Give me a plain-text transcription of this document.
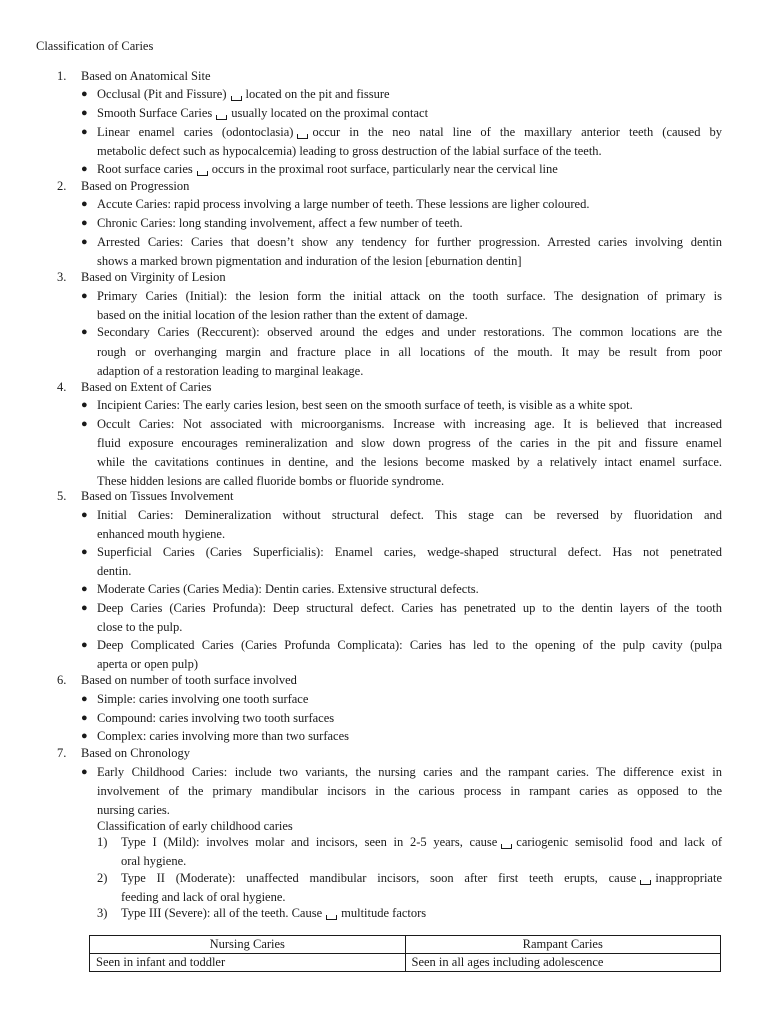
Classification of Caries
1. Based on Anatomical Site
● Occlusal (Pit and Fissure) located on the pit and fissure
● Smooth Surface Caries usually located on the proximal contact
● Linear enamel caries (odontoclasia) occur in the neo natal line of the maxillary anterior teeth (caused by
metabolic defect such as hypocalcemia) leading to gross destruction of the labial surface of the teeth.
● Root surface caries occurs in the proximal root surface, particularly near the cervical line
2. Based on Progression
● Accute Caries: rapid process involving a large number of teeth. These lessions are ligher coloured.
● Chronic Caries: long standing involvement, affect a few number of teeth.
● Arrested Caries: Caries that doesn’t show any tendency for further progression. Arrested caries involving dentin
shows a marked brown pigmentation and induration of the lesion [eburnation dentin]
3. Based on Virginity of Lesion
● Primary Caries (Initial): the lesion form the initial attack on the tooth surface. The designation of primary is
based on the initial location of the lesion rather than the extent of damage.
● Secondary Caries (Reccurent): observed around the edges and under restorations. The common locations are the
rough or overhanging margin and fracture place in all locations of the mouth. It may be result from poor
adaption of a restoration leading to marginal leakage.
4. Based on Extent of Caries
● Incipient Caries: The early caries lesion, best seen on the smooth surface of teeth, is visible as a white spot.
● Occult Caries: Not associated with microorganisms. Increase with increasing age. It is believed that increased
fluid exposure encourages remineralization and slow down progress of the caries in the pit and fissure enamel
while the cavitations continues in dentine, and the lesions become masked by a relatively intact enamel surface.
These hidden lesions are called fluoride bombs or fluoride syndrome.
5. Based on Tissues Involvement
● Initial Caries: Demineralization without structural defect. This stage can be reversed by fluoridation and
enhanced mouth hygiene.
● Superficial Caries (Caries Superficialis): Enamel caries, wedge-shaped structural defect. Has not penetrated
dentin.
● Moderate Caries (Caries Media): Dentin caries. Extensive structural defects.
● Deep Caries (Caries Profunda): Deep structural defect. Caries has penetrated up to the dentin layers of the tooth
close to the pulp.
● Deep Complicated Caries (Caries Profunda Complicata): Caries has led to the opening of the pulp cavity (pulpa
aperta or open pulp)
6. Based on number of tooth surface involved
● Simple: caries involving one tooth surface
● Compound: caries involving two tooth surfaces
● Complex: caries involving more than two surfaces
7. Based on Chronology
● Early Childhood Caries: include two variants, the nursing caries and the rampant caries. The difference exist in
involvement of the primary mandibular incisors in the carious process in rampant caries as opposed to the
nursing caries.
Classification of early childhood caries
1) Type I (Mild): involves molar and incisors, seen in 2-5 years, cause cariogenic semisolid food and lack of
oral hygiene.
2) Type II (Moderate): unaffected mandibular incisors, soon after first teeth erupts, cause inappropriate
feeding and lack of oral hygiene.
3) Type III (Severe): all of the teeth. Cause multitude factors
Nursing Caries	Rampant Caries
Seen in infant and toddler	Seen in all ages including adolescence
